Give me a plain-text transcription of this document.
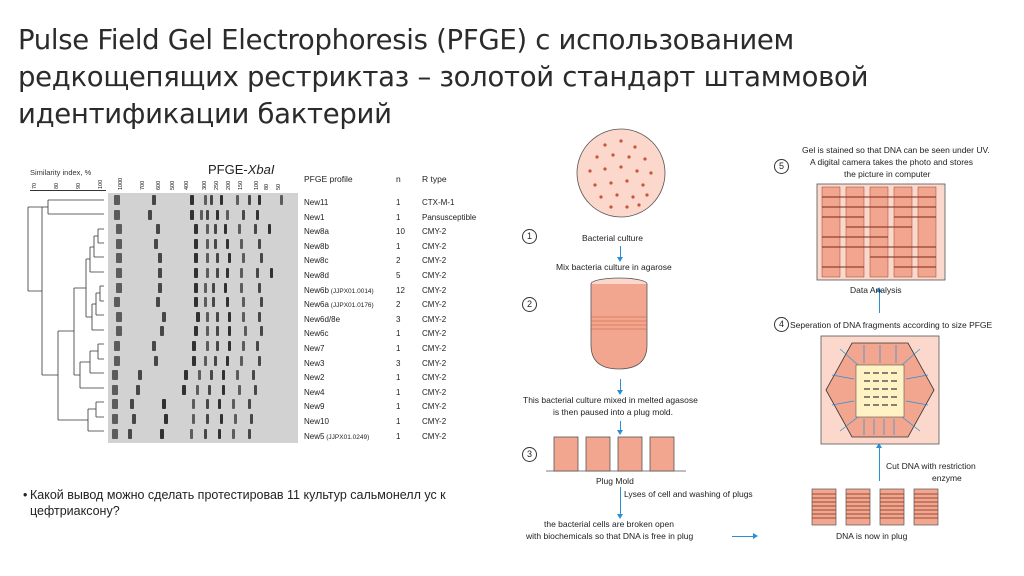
Pulse Field Gel Electrophoresis (PFGE) с использованием редкощепящих рестриктаз – золотой стандарт штаммовой идентификации бактерий
Similarity index, %	PFGE-XbaI
70	80	90	100	1000	700 600 500 400 300 250 200 150 100 80 50
PFGE profile	n	R type
New11	1	CTX-M-1
New1	1	Pansusceptible
New8a	10 CMY-2
New8b	1	CMY-2
New8c	2	CMY-2
New8d	5	CMY-2
New6b (JJPX01.0014)	12 CMY-2
New6a (JJPX01.0176)	2	CMY-2
New6d/8e	3	CMY-2
New6c	1	CMY-2
New7	1	CMY-2
New3	3	CMY-2
New2	1	CMY-2
New4	1	CMY-2
New9	1	CMY-2
New10	1	CMY-2
New5 (JJPX01.0249)	1	CMY-2
• Какой вывод можно сделать протестировав 11 культур сальмонелл ус к цефтриаксону?
1	Bacterial culture
Mix bacteria culture in agarose
2
This bacterial culture mixed in melted agasose
is then paused into a plug mold.
3
Plug Mold
Lyses of cell and washing of plugs
the bacterial cells are broken open
with biochemicals so that DNA is free in plug	DNA is now in plug
Cut DNA with restriction
enzyme
4 Seperation of DNA fragments according to size PFGE
Data Analysis
5
Gel is stained so that DNA can be seen under UV.
A digital camera takes the photo and stores
the picture in computer
